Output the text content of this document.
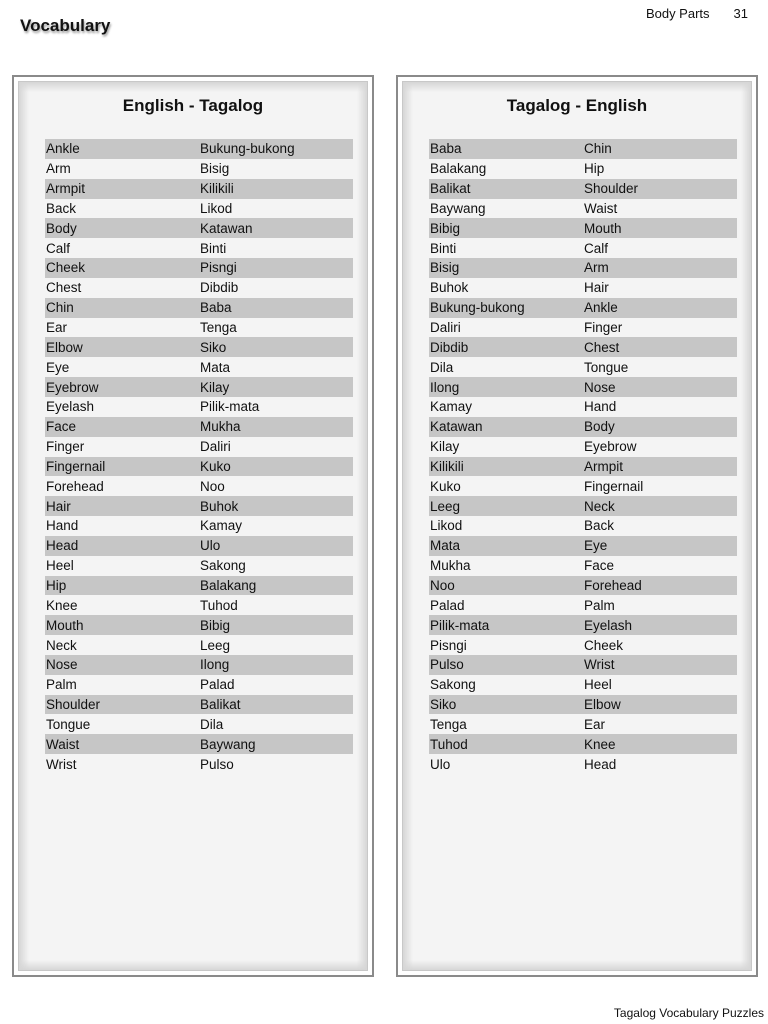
Vocabulary
Body Parts 31
English - Tagalog
Ankle	Bukung-bukong
Arm	Bisig
Armpit	Kilikili
Back	Likod
Body	Katawan
Calf	Binti
Cheek	Pisngi
Chest	Dibdib
Chin	Baba
Ear	Tenga
Elbow	Siko
Eye	Mata
Eyebrow	Kilay
Eyelash	Pilik-mata
Face	Mukha
Finger	Daliri
Fingernail	Kuko
Forehead	Noo
Hair	Buhok
Hand	Kamay
Head	Ulo
Heel	Sakong
Hip	Balakang
Knee	Tuhod
Mouth	Bibig
Neck	Leeg
Nose	Ilong
Palm	Palad
Shoulder	Balikat
Tongue	Dila
Waist	Baywang
Wrist	Pulso
Tagalog - English
Baba	Chin
Balakang	Hip
Balikat	Shoulder
Baywang	Waist
Bibig	Mouth
Binti	Calf
Bisig	Arm
Buhok	Hair
Bukung-bukong	Ankle
Daliri	Finger
Dibdib	Chest
Dila	Tongue
Ilong	Nose
Kamay	Hand
Katawan	Body
Kilay	Eyebrow
Kilikili	Armpit
Kuko	Fingernail
Leeg	Neck
Likod	Back
Mata	Eye
Mukha	Face
Noo	Forehead
Palad	Palm
Pilik-mata	Eyelash
Pisngi	Cheek
Pulso	Wrist
Sakong	Heel
Siko	Elbow
Tenga	Ear
Tuhod	Knee
Ulo	Head
Tagalog Vocabulary Puzzles
